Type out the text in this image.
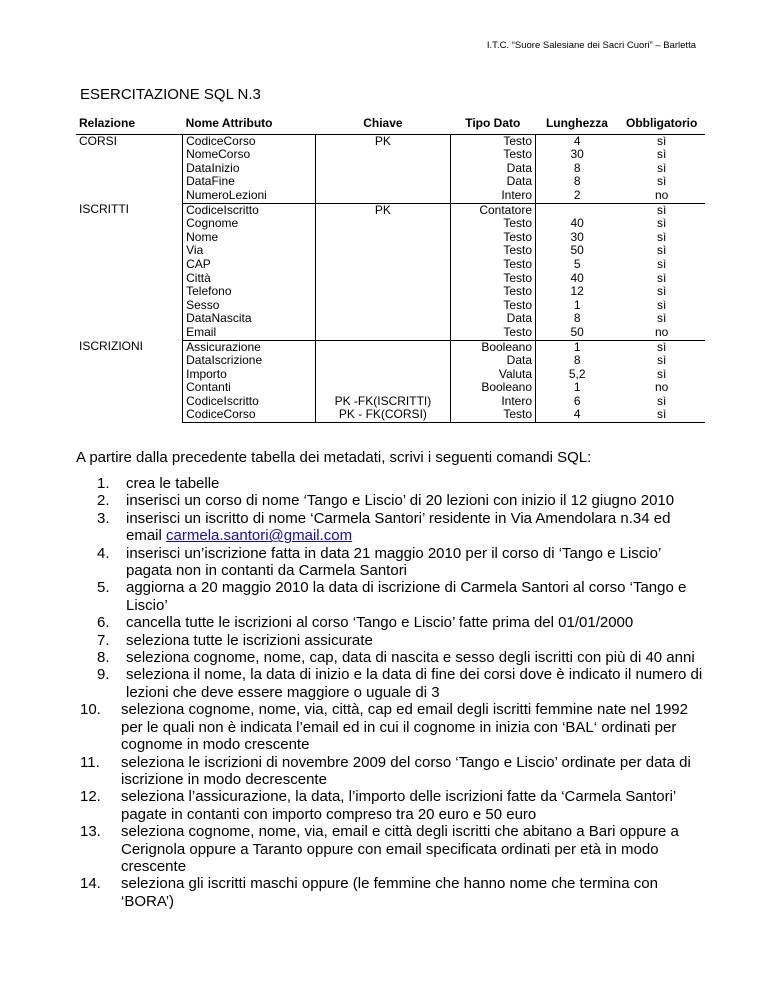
I.T.C. “Suore Salesiane dei Sacri Cuori” – Barletta
ESERCITAZIONE SQL N.3
Relazione	Nome Attributo	Chiave	Tipo Dato	Lunghezza	Obbligatorio
CORSI	CodiceCorso	PK	Testo	4	sì
	NomeCorso		Testo	30	sì
	DataInizio		Data	8	sì
	DataFine		Data	8	sì
	NumeroLezioni		Intero	2	no
ISCRITTI	CodiceIscritto	PK	Contatore		sì
	Cognome		Testo	40	sì
	Nome		Testo	30	sì
	Via		Testo	50	sì
	CAP		Testo	5	sì
	Città		Testo	40	sì
	Telefono		Testo	12	sì
	Sesso		Testo	1	sì
	DataNascita		Data	8	sì
	Email		Testo	50	no
ISCRIZIONI	Assicurazione		Booleano	1	sì
	DataIscrizione		Data	8	sì
	Importo		Valuta	5,2	sì
	Contanti		Booleano	1	no
	CodiceIscritto	PK -FK(ISCRITTI)	Intero	6	sì
	CodiceCorso	PK - FK(CORSI)	Testo	4	sì
A partire dalla precedente tabella dei metadati, scrivi i seguenti comandi SQL:
1. crea le tabelle
2. inserisci un corso di nome ‘Tango e Liscio’ di 20 lezioni con inizio il 12 giugno 2010
3. inserisci un iscritto di nome ‘Carmela Santori’ residente in Via Amendolara n.34 ed email carmela.santori@gmail.com
4. inserisci un’iscrizione fatta in data 21 maggio 2010 per il corso di ‘Tango e Liscio’ pagata non in contanti da Carmela Santori
5. aggiorna a 20 maggio 2010 la data di iscrizione di Carmela Santori al corso ‘Tango e Liscio’
6. cancella tutte le iscrizioni al corso ‘Tango e Liscio’ fatte prima del 01/01/2000
7. seleziona tutte le iscrizioni assicurate
8. seleziona cognome, nome, cap, data di nascita e sesso degli iscritti con più di 40 anni
9. seleziona il nome, la data di inizio e la data di fine dei corsi dove è indicato il numero di lezioni che deve essere maggiore o uguale di 3
10. seleziona cognome, nome, via, città, cap ed email degli iscritti femmine nate nel 1992 per le quali non è indicata l’email ed in cui il cognome in inizia con ‘BAL‘ ordinati per cognome in modo crescente
11. seleziona le iscrizioni di novembre 2009 del corso ‘Tango e Liscio’ ordinate per data di iscrizione in modo decrescente
12. seleziona l’assicurazione, la data, l’importo delle iscrizioni fatte da ‘Carmela Santori’ pagate in contanti con importo compreso tra 20 euro e 50 euro
13. seleziona cognome, nome, via, email e città degli iscritti che abitano a Bari oppure a Cerignola oppure a Taranto oppure con email specificata ordinati per età in modo crescente
14. seleziona gli iscritti maschi oppure (le femmine che hanno nome che termina con ‘BORA’)
